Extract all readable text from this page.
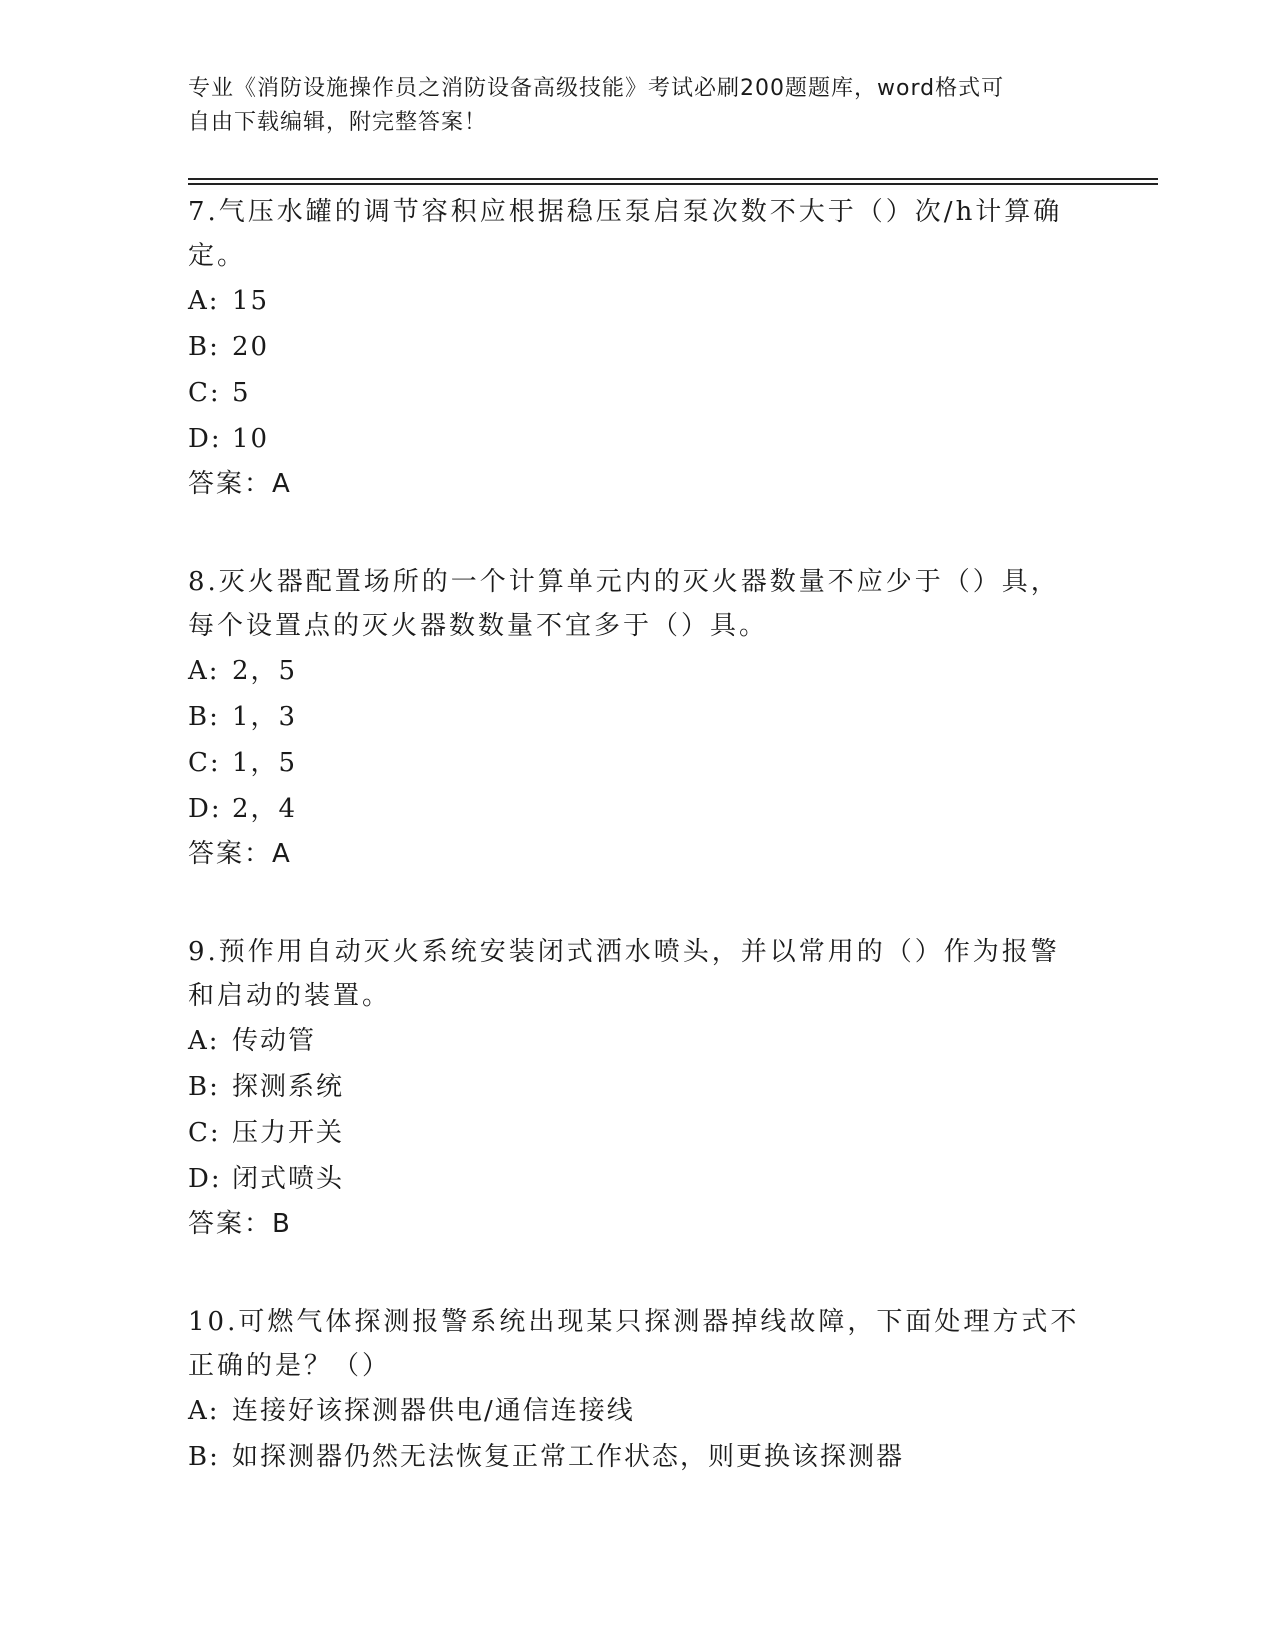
专业《消防设施操作员之消防设备高级技能》考试必刷200题题库，word格式可
自由下载编辑，附完整答案！
7.气压水罐的调节容积应根据稳压泵启泵次数不大于（）次/h计算确
定。
A: 15
B: 20
C: 5
D: 10
答案：A
8.灭火器配置场所的一个计算单元内的灭火器数量不应少于（）具，
每个设置点的灭火器数数量不宜多于（）具。
A: 2，5
B: 1，3
C: 1，5
D: 2，4
答案：A
9.预作用自动灭火系统安装闭式洒水喷头，并以常用的（）作为报警
和启动的装置。
A: 传动管
B: 探测系统
C: 压力开关
D: 闭式喷头
答案：B
10.可燃气体探测报警系统出现某只探测器掉线故障，下面处理方式不
正确的是？（）
A: 连接好该探测器供电/通信连接线
B: 如探测器仍然无法恢复正常工作状态，则更换该探测器
